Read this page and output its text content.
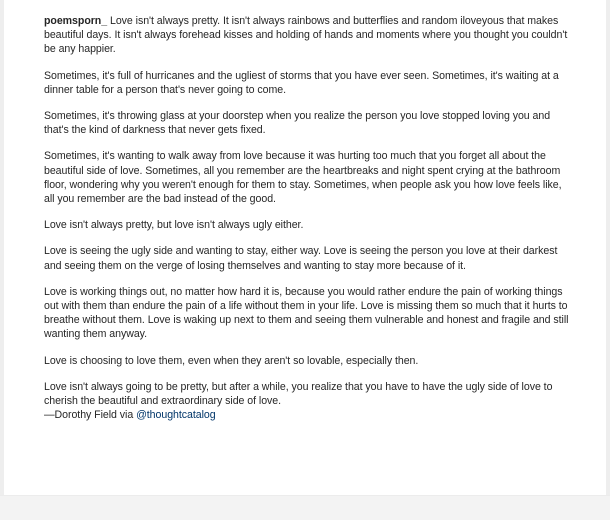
poemsporn_ Love isn't always pretty. It isn't always rainbows and butterflies and random iloveyous that makes beautiful days. It isn't always forehead kisses and holding of hands and moments where you thought you couldn't be any happier.

Sometimes, it's full of hurricanes and the ugliest of storms that you have ever seen. Sometimes, it's waiting at a dinner table for a person that's never going to come.

Sometimes, it's throwing glass at your doorstep when you realize the person you love stopped loving you and that's the kind of darkness that never gets fixed.

Sometimes, it's wanting to walk away from love because it was hurting too much that you forget all about the beautiful side of love. Sometimes, all you remember are the heartbreaks and night spent crying at the bathroom floor, wondering why you weren't enough for them to stay. Sometimes, when people ask you how love feels like, all you remember are the bad instead of the good.

Love isn't always pretty, but love isn't always ugly either.

Love is seeing the ugly side and wanting to stay, either way. Love is seeing the person you love at their darkest and seeing them on the verge of losing themselves and wanting to stay more because of it.

Love is working things out, no matter how hard it is, because you would rather endure the pain of working things out with them than endure the pain of a life without them in your life. Love is missing them so much that it hurts to breathe without them. Love is waking up next to them and seeing them vulnerable and honest and fragile and still wanting them anyway.

Love is choosing to love them, even when they aren't so lovable, especially then.

Love isn't always going to be pretty, but after a while, you realize that you have to have the ugly side of love to cherish the beautiful and extraordinary side of love.

—Dorothy Field via @thoughtcatalog
